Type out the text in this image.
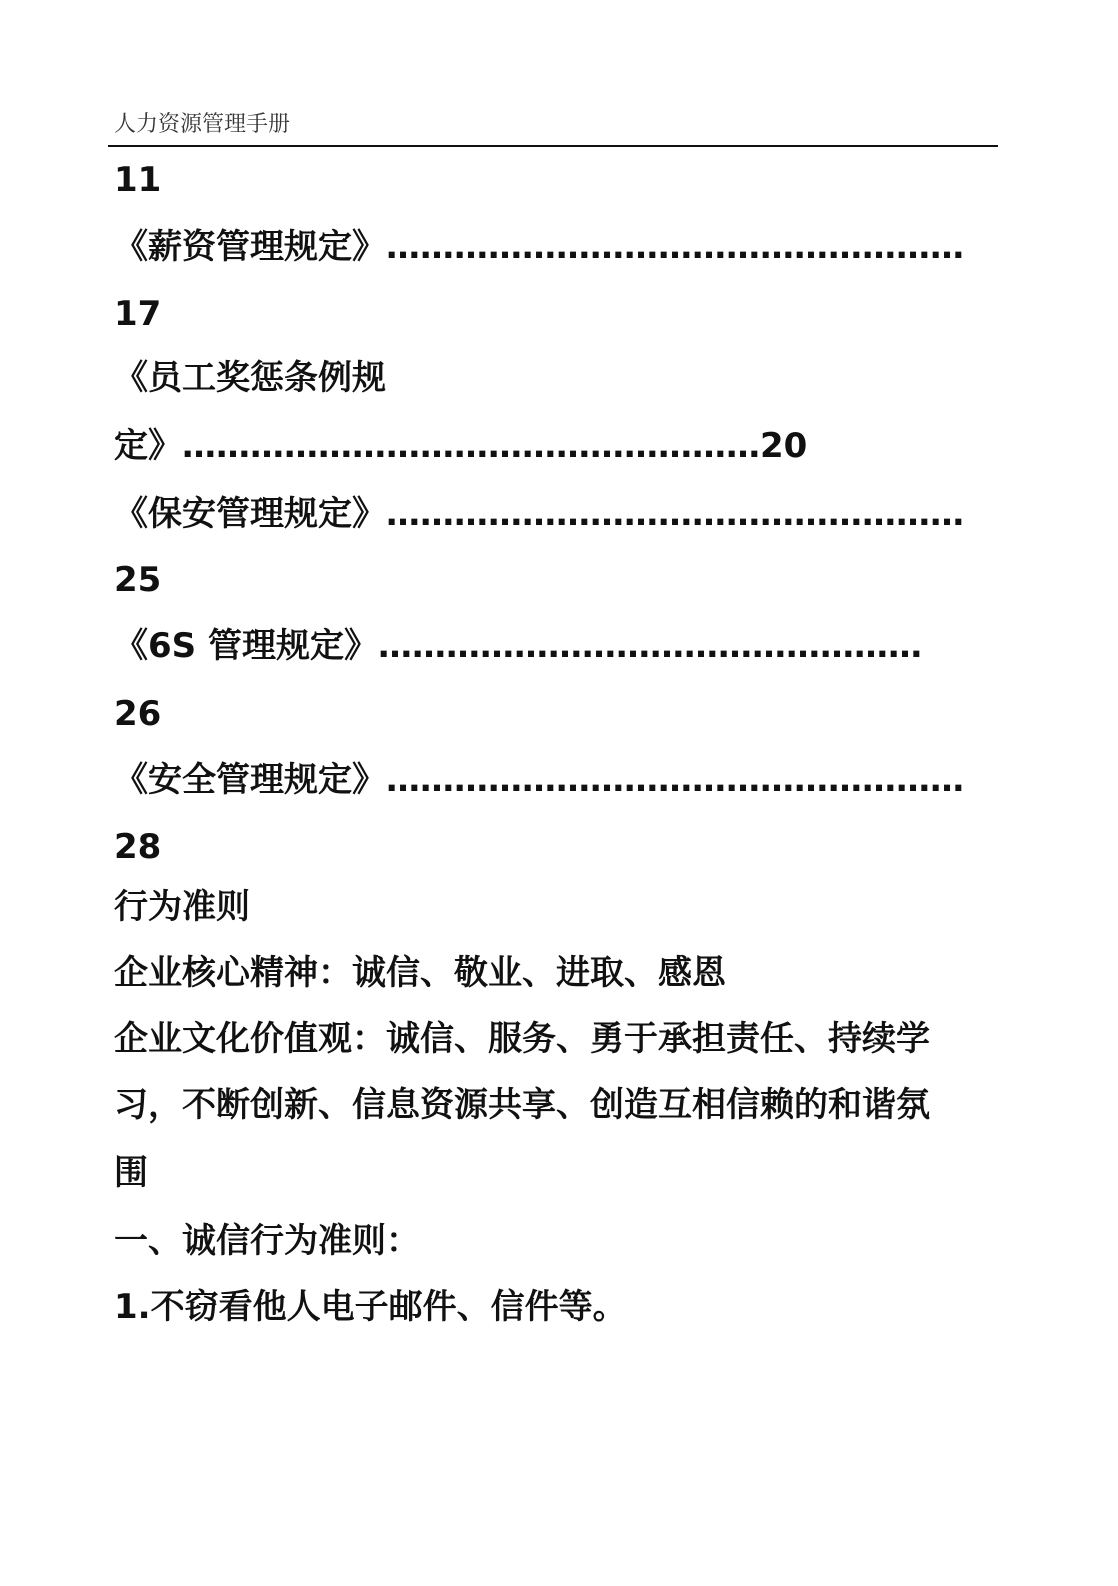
人力资源管理手册
11
《薪资管理规定》……………………………………………
17
《员工奖惩条例规
定》……………………………………………20
《保安管理规定》……………………………………………
25
《6S 管理规定》…………………………………………
26
《安全管理规定》……………………………………………
28
行为准则
企业核心精神：诚信、敬业、进取、感恩
企业文化价值观：诚信、服务、勇于承担责任、持续学
习，不断创新、信息资源共享、创造互相信赖的和谐氛
围
一、诚信行为准则：
1.不窃看他人电子邮件、信件等。
